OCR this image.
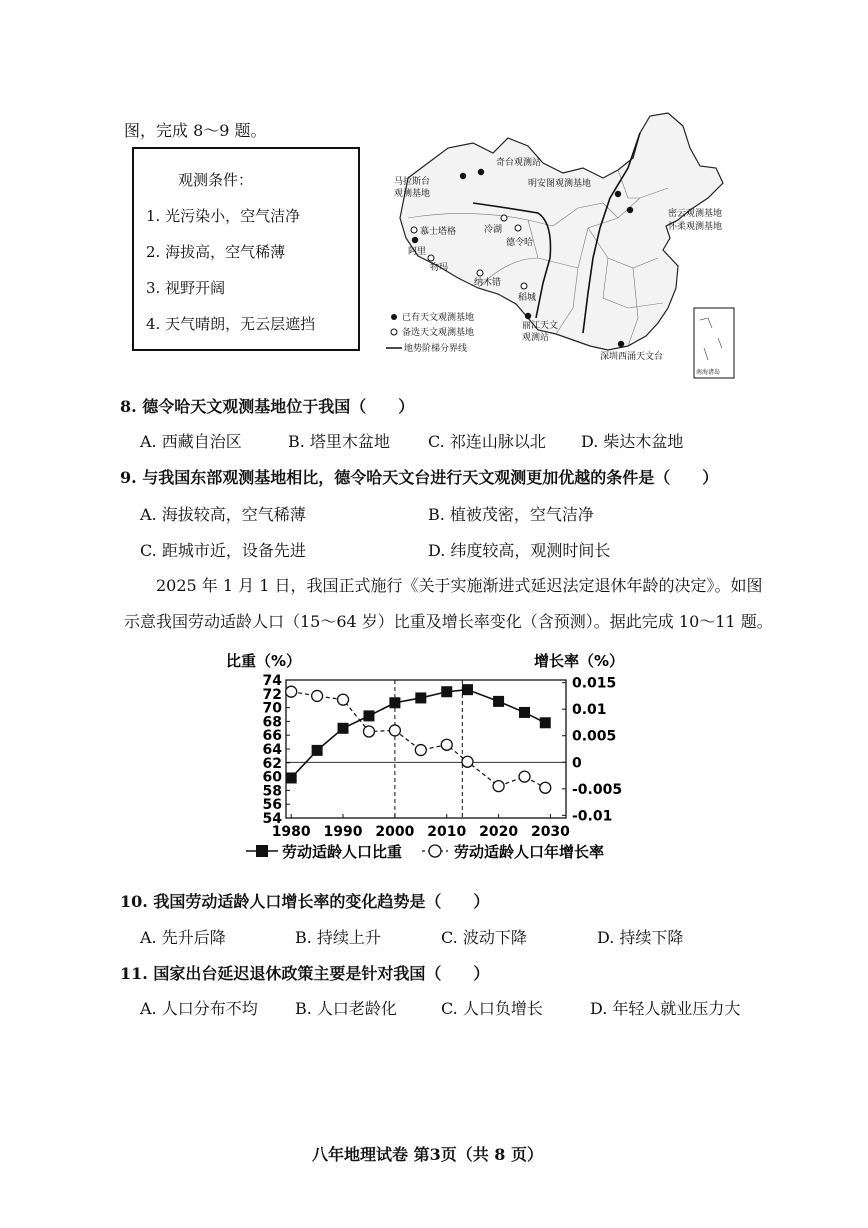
图，完成 8～9 题。
观测条件：
1. 光污染小，空气洁净
2. 海拔高，空气稀薄
3. 视野开阔
4. 天气晴朗，无云层遮挡
奇台观测站
马拉斯台
观测基地
明安图观测基地
密云观测基地
怀柔观测基地
慕士塔格	冷湖
德令哈
阿里
物玛
纳木错
稻城
丽江天文
观测站
深圳西涌天文台
已有天文观测基地
备选天文观测基地
地势阶梯分界线
南海诸岛
8. 德令哈天文观测基地位于我国（　　）
A. 西藏自治区	B. 塔里木盆地 C. 祁连山脉以北 D. 柴达木盆地
9. 与我国东部观测基地相比，德令哈天文台进行天文观测更加优越的条件是（　　）
A. 海拔较高，空气稀薄	B. 植被茂密，空气洁净
C. 距城市近，设备先进	D. 纬度较高，观测时间长
2025 年 1 月 1 日，我国正式施行《关于实施渐进式延迟法定退休年龄的决定》。如图
示意我国劳动适龄人口（15～64 岁）比重及增长率变化（含预测）。据此完成 10～11 题。
比重（%）	增长率（%）
54
56
58
60
62
64
66
68
70
72
74	0.015
0.01
0.005
0
-0.005
-0.01
1980 1990 2000 2010 2020 2030
劳动适龄人口比重	劳动适龄人口年增长率
10. 我国劳动适龄人口增长率的变化趋势是（　　）
A. 先升后降	B. 持续上升	C. 波动下降	D. 持续下降
11. 国家出台延迟退休政策主要是针对我国（　　）
A. 人口分布不均 B. 人口老龄化	C. 人口负增长	D. 年轻人就业压力大
八年地理试卷 第3页（共 8 页）
